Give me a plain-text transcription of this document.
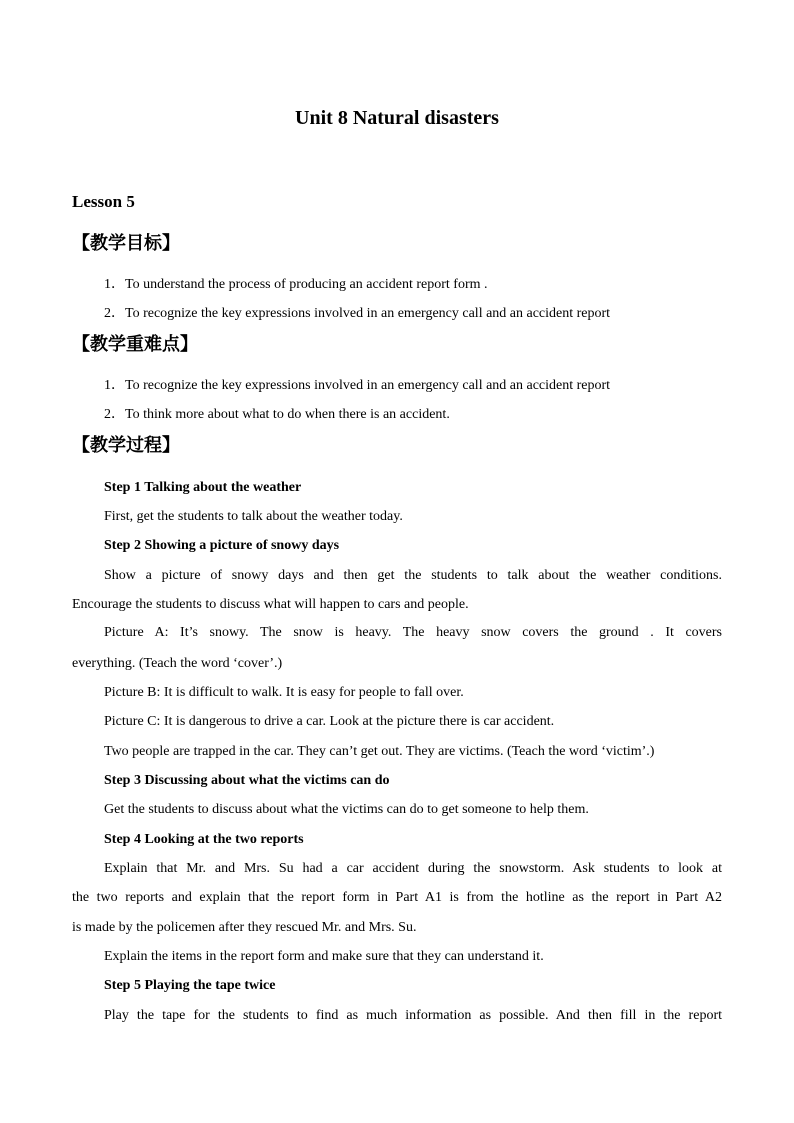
Unit 8 Natural disasters
Lesson 5
【教学目标】
1．To understand the process of producing an accident report form .
2．To recognize the key expressions involved in an emergency call and an accident report
【教学重难点】
1．To recognize the key expressions involved in an emergency call and an accident report
2．To think more about what to do when there is an accident.
【教学过程】
Step 1 Talking about the weather
First, get the students to talk about the weather today.
Step 2 Showing a picture of snowy days
Show a picture of snowy days and then get the students to talk about the weather conditions.
Encourage the students to discuss what will happen to cars and people.
Picture A: It’s snowy. The snow is heavy. The heavy snow covers the ground . It covers
everything. (Teach the word ‘cover’.)
Picture B: It is difficult to walk. It is easy for people to fall over.
Picture C: It is dangerous to drive a car. Look at the picture there is car accident.
Two people are trapped in the car. They can’t get out. They are victims. (Teach the word ‘victim’.)
Step 3 Discussing about what the victims can do
Get the students to discuss about what the victims can do to get someone to help them.
Step 4 Looking at the two reports
Explain that Mr. and Mrs. Su had a car accident during the snowstorm. Ask students to look at
the two reports and explain that the report form in Part A1 is from the hotline as the report in Part A2
is made by the policemen after they rescued Mr. and Mrs. Su.
Explain the items in the report form and make sure that they can understand it.
Step 5 Playing the tape twice
Play the tape for the students to find as much information as possible. And then fill in the report
